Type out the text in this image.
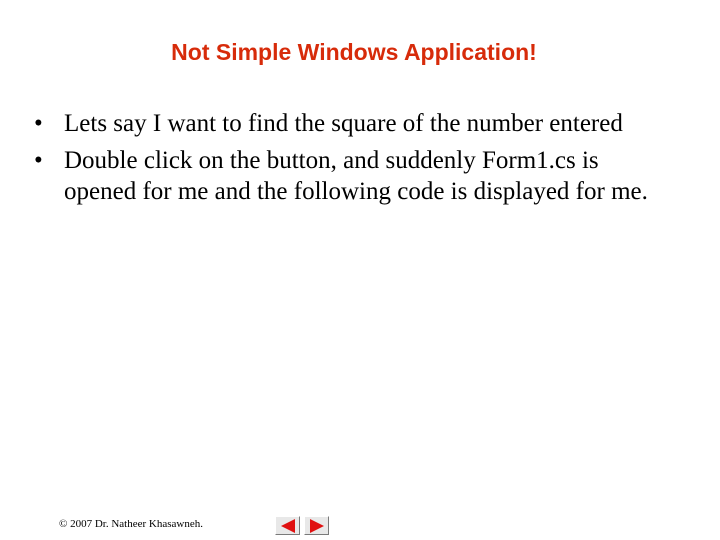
Not Simple Windows Application!
• Lets say I want to find the square of the number entered
• Double click on the button, and suddenly Form1.cs is opened for me and the following code is displayed for me.
© 2007 Dr. Natheer Khasawneh.
